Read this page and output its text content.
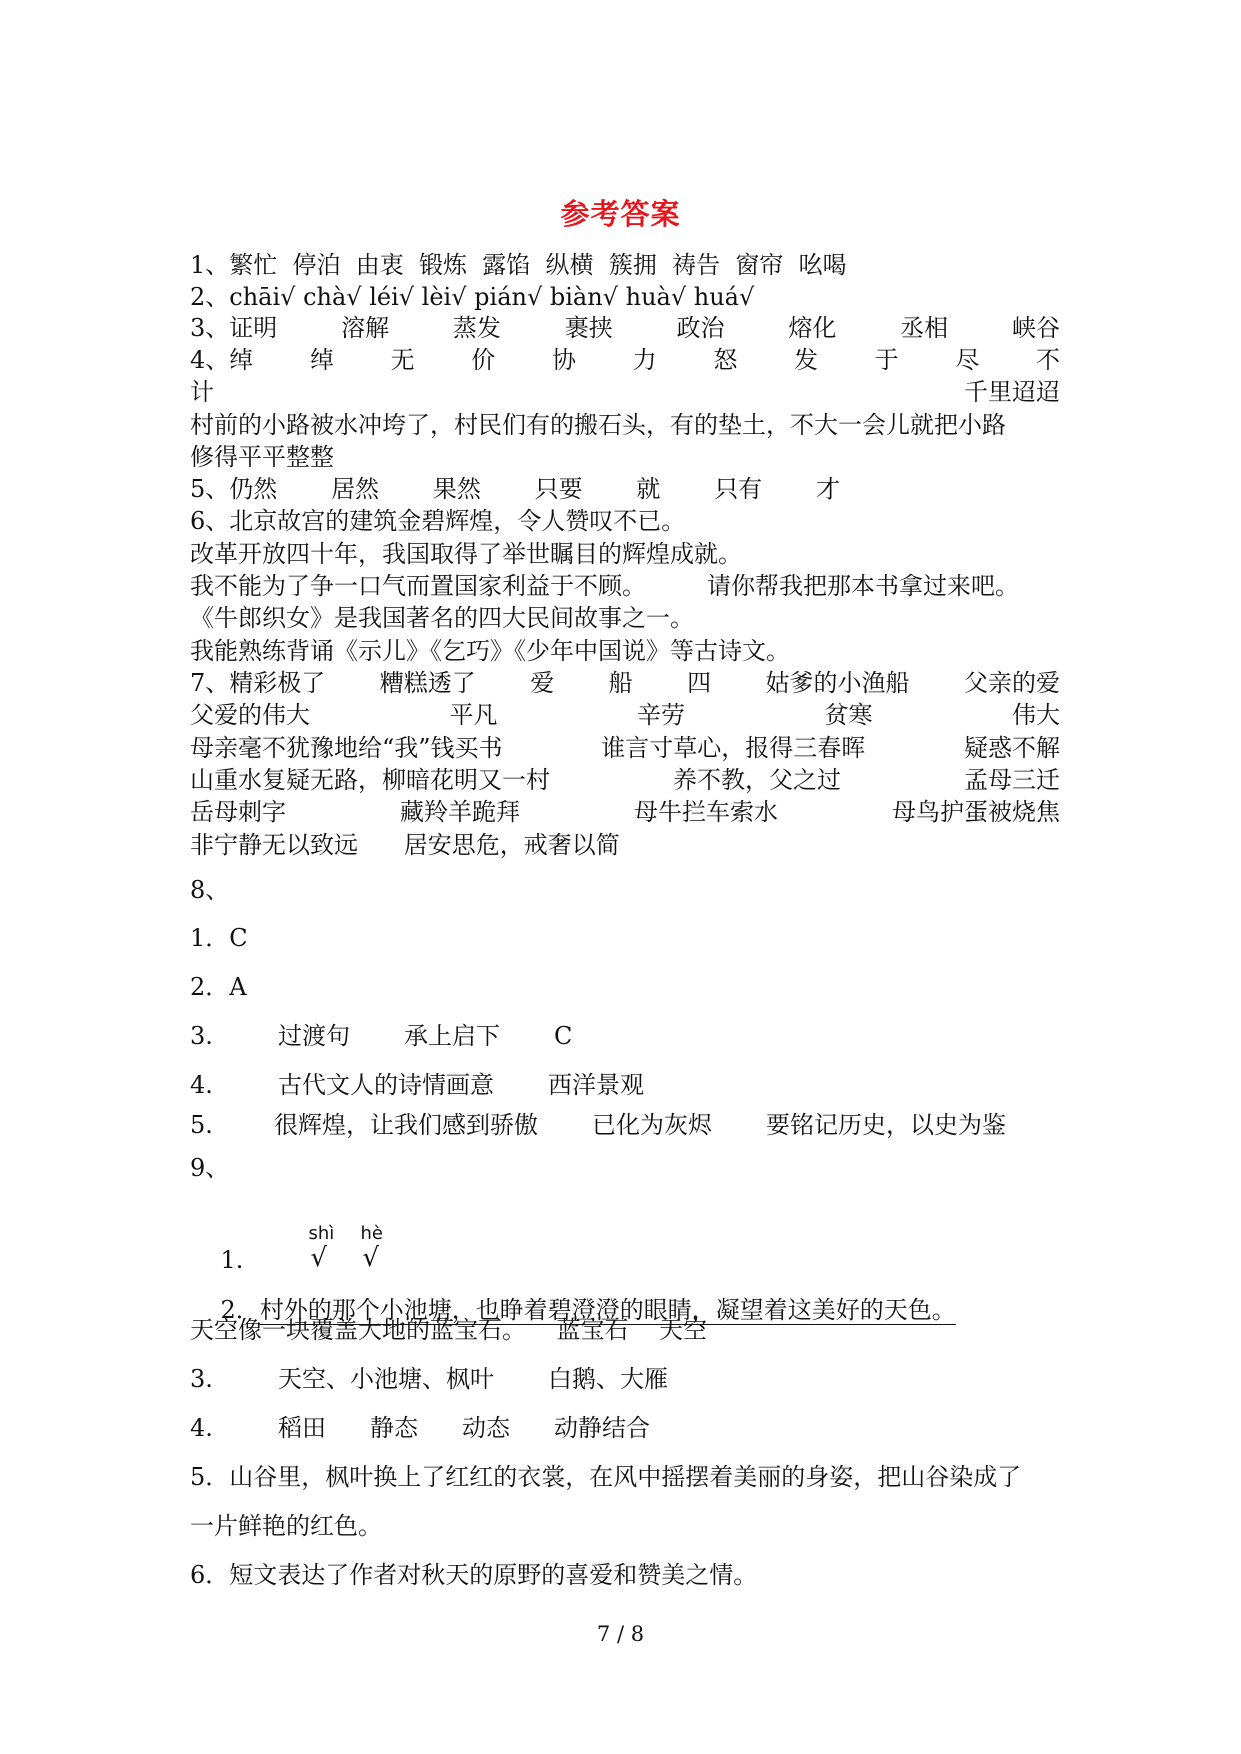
参考答案
1、繁忙  停泊  由衷  锻炼  露馅  纵横  簇拥  祷告  窗帘  吆喝
2、chāi√ chà√ léi√ lèi√ pián√ biàn√ huà√ huá√
3、证明	溶解	蒸发	裹挟	政治	熔化	丞相	峡谷
4、绰 绰 无 价 协 力 怒 发 于 尽 不
计	千里迢迢
村前的小路被水冲垮了，村民们有的搬石头，有的垫土，不大一会儿就把小路
修得平平整整
5、仍然 居然 果然 只要 就 只有 才
6、北京故宫的建筑金碧辉煌，令人赞叹不已。
改革开放四十年，我国取得了举世瞩目的辉煌成就。
我不能为了争一口气而置国家利益于不顾。        请你帮我把那本书拿过来吧。
《牛郎织女》是我国著名的四大民间故事之一。
我能熟练背诵《示儿》《乞巧》《少年中国说》等古诗文。
7、精彩极了 糟糕透了 爱 船 四 姑爹的小渔船 父亲的爱
父爱的伟大	平凡	辛劳	贫寒	伟大
母亲毫不犹豫地给“我”钱买书	谁言寸草心，报得三春晖	疑惑不解
山重水复疑无路，柳暗花明又一村	养不教，父之过	孟母三迁
岳母刺字	藏羚羊跪拜	母牛拦车索水	母鸟护蛋被烧焦
非宁静无以致远      居安思危，戒奢以简
8、
1．C
2．A
3.	过渡句 承上启下 C
4.	古代文人的诗情画意 西洋景观
5.	很辉煌，让我们感到骄傲 已化为灰烬 要铭记历史，以史为鉴
9、

1.
shì
√
hè
√

2．村外的那个小池塘，也睁着碧澄澄的眼睛，凝望着这美好的天色。

天空像一块覆盖大地的蓝宝石。    蓝宝石    天空
3.	天空、小池塘、枫叶 白鹅、大雁
4.	稻田 静态 动态 动静结合
5．山谷里，枫叶换上了红红的衣裳，在风中摇摆着美丽的身姿，把山谷染成了
一片鲜艳的红色。
6．短文表达了作者对秋天的原野的喜爱和赞美之情。
7 / 8
